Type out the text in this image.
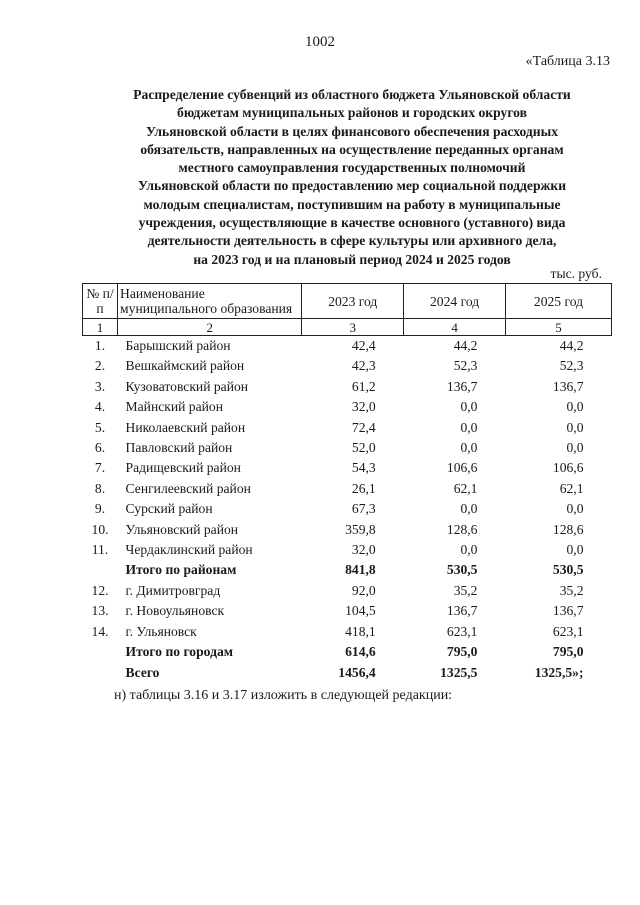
1002
«Таблица 3.13
Распределение субвенций из областного бюджета Ульяновской области
бюджетам муниципальных районов и городских округов
Ульяновской области в целях финансового обеспечения расходных
обязательств, направленных на осуществление переданных органам
местного самоуправления государственных полномочий
Ульяновской области по предоставлению мер социальной поддержки
молодым специалистам, поступившим на работу в муниципальные
учреждения, осуществляющие в качестве основного (уставного) вида
деятельности деятельность в сфере культуры или архивного дела,
на 2023 год и на плановый период 2024 и 2025 годов
тыс. руб.
№ п/п	Наименование муниципального образования	2023 год	2024 год	2025 год
1	2	3	4	5
1.	Барышский район	42,4	44,2	44,2
2.	Вешкаймский район	42,3	52,3	52,3
3.	Кузоватовский район	61,2	136,7	136,7
4.	Майнский район	32,0	0,0	0,0
5.	Николаевский район	72,4	0,0	0,0
6.	Павловский район	52,0	0,0	0,0
7.	Радищевский район	54,3	106,6	106,6
8.	Сенгилеевский район	26,1	62,1	62,1
9.	Сурский район	67,3	0,0	0,0
10.	Ульяновский район	359,8	128,6	128,6
11.	Чердаклинский район	32,0	0,0	0,0
	Итого по районам	841,8	530,5	530,5
12.	г. Димитровград	92,0	35,2	35,2
13.	г. Новоульяновск	104,5	136,7	136,7
14.	г. Ульяновск	418,1	623,1	623,1
	Итого по городам	614,6	795,0	795,0
	Всего	1456,4	1325,5	1325,5»;
н) таблицы 3.16 и 3.17 изложить в следующей редакции:
